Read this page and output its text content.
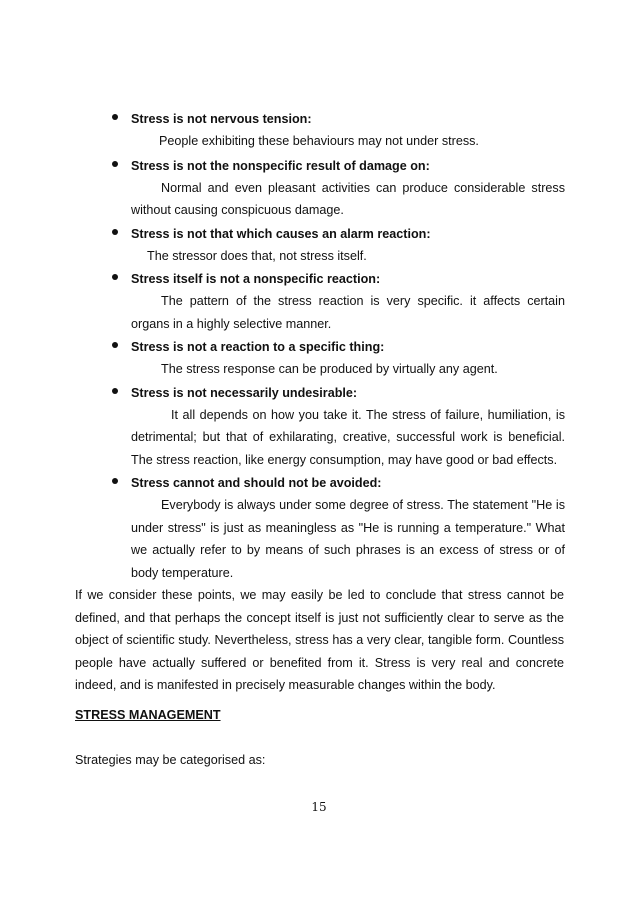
Stress is not nervous tension:
People exhibiting these behaviours may not under stress.
Stress is not the nonspecific result of damage on:
Normal and even pleasant activities can produce considerable stress without causing conspicuous damage.
Stress is not that which causes an alarm reaction:
The stressor does that, not stress itself.
Stress itself is not a nonspecific reaction:
The pattern of the stress reaction is very specific. it affects certain organs in a highly selective manner.
Stress is not a reaction to a specific thing:
The stress response can be produced by virtually any agent.
Stress is not necessarily undesirable:
It all depends on how you take it. The stress of failure, humiliation, is detrimental; but that of exhilarating, creative, successful work is beneficial. The stress reaction, like energy consumption, may have good or bad effects.
Stress cannot and should not be avoided:
Everybody is always under some degree of stress. The statement "He is under stress" is just as meaningless as "He is running a temperature." What we actually refer to by means of such phrases is an excess of stress or of body temperature.

If we consider these points, we may easily be led to conclude that stress cannot be defined, and that perhaps the concept itself is just not sufficiently clear to serve as the object of scientific study. Nevertheless, stress has a very clear, tangible form. Countless people have actually suffered or benefited from it. Stress is very real and concrete indeed, and is manifested in precisely measurable changes within the body.

STRESS MANAGEMENT

Strategies may be categorised as:

15
